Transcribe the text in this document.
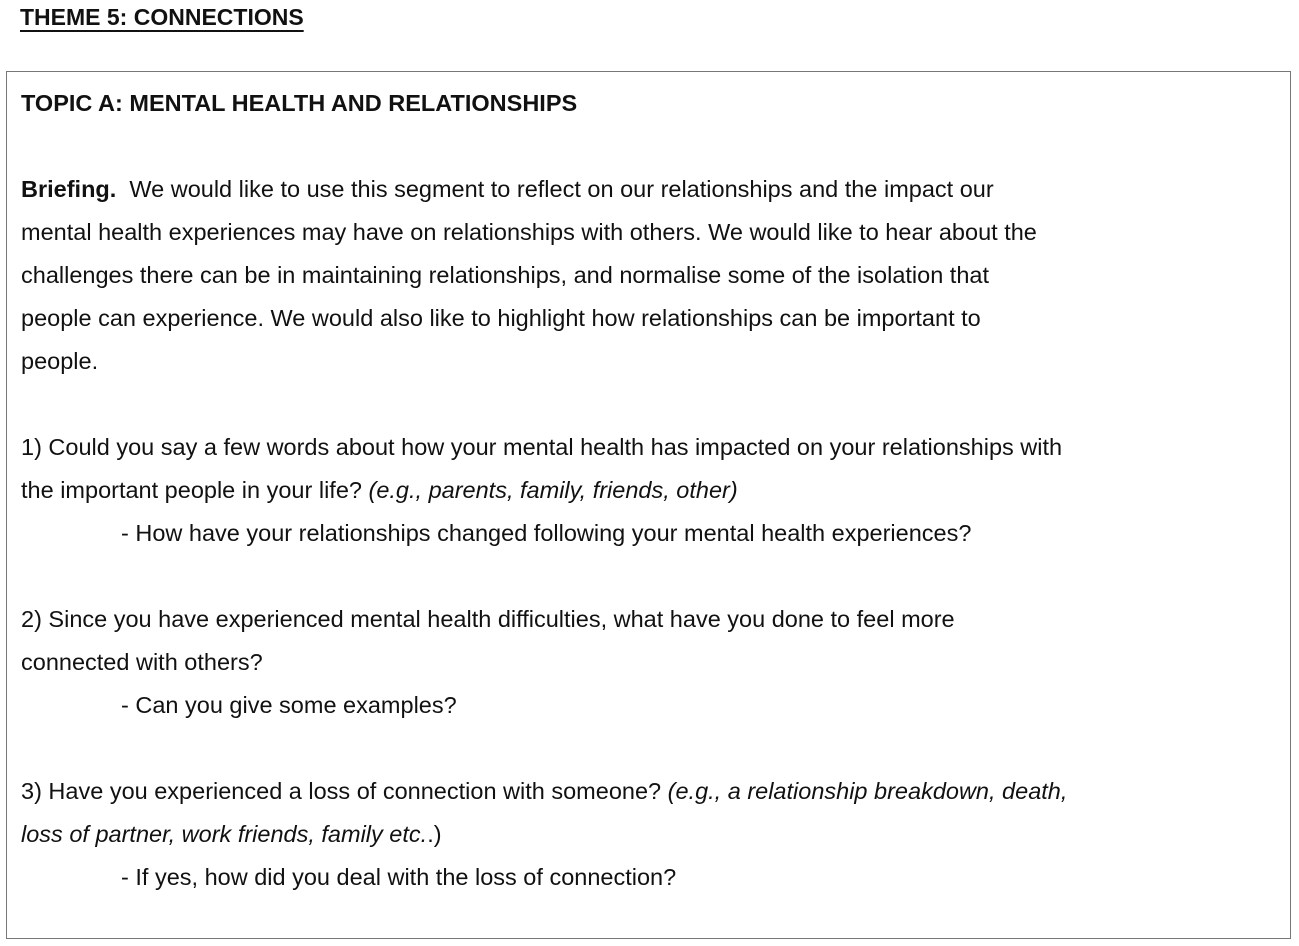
THEME 5: CONNECTIONS
TOPIC A: MENTAL HEALTH AND RELATIONSHIPS
Briefing. We would like to use this segment to reflect on our relationships and the impact our
mental health experiences may have on relationships with others. We would like to hear about the
challenges there can be in maintaining relationships, and normalise some of the isolation that
people can experience. We would also like to highlight how relationships can be important to
people.
1) Could you say a few words about how your mental health has impacted on your relationships with
the important people in your life? (e.g., parents, family, friends, other)
- How have your relationships changed following your mental health experiences?
2) Since you have experienced mental health difficulties, what have you done to feel more
connected with others?
- Can you give some examples?
3) Have you experienced a loss of connection with someone? (e.g., a relationship breakdown, death,
loss of partner, work friends, family etc..)
- If yes, how did you deal with the loss of connection?
